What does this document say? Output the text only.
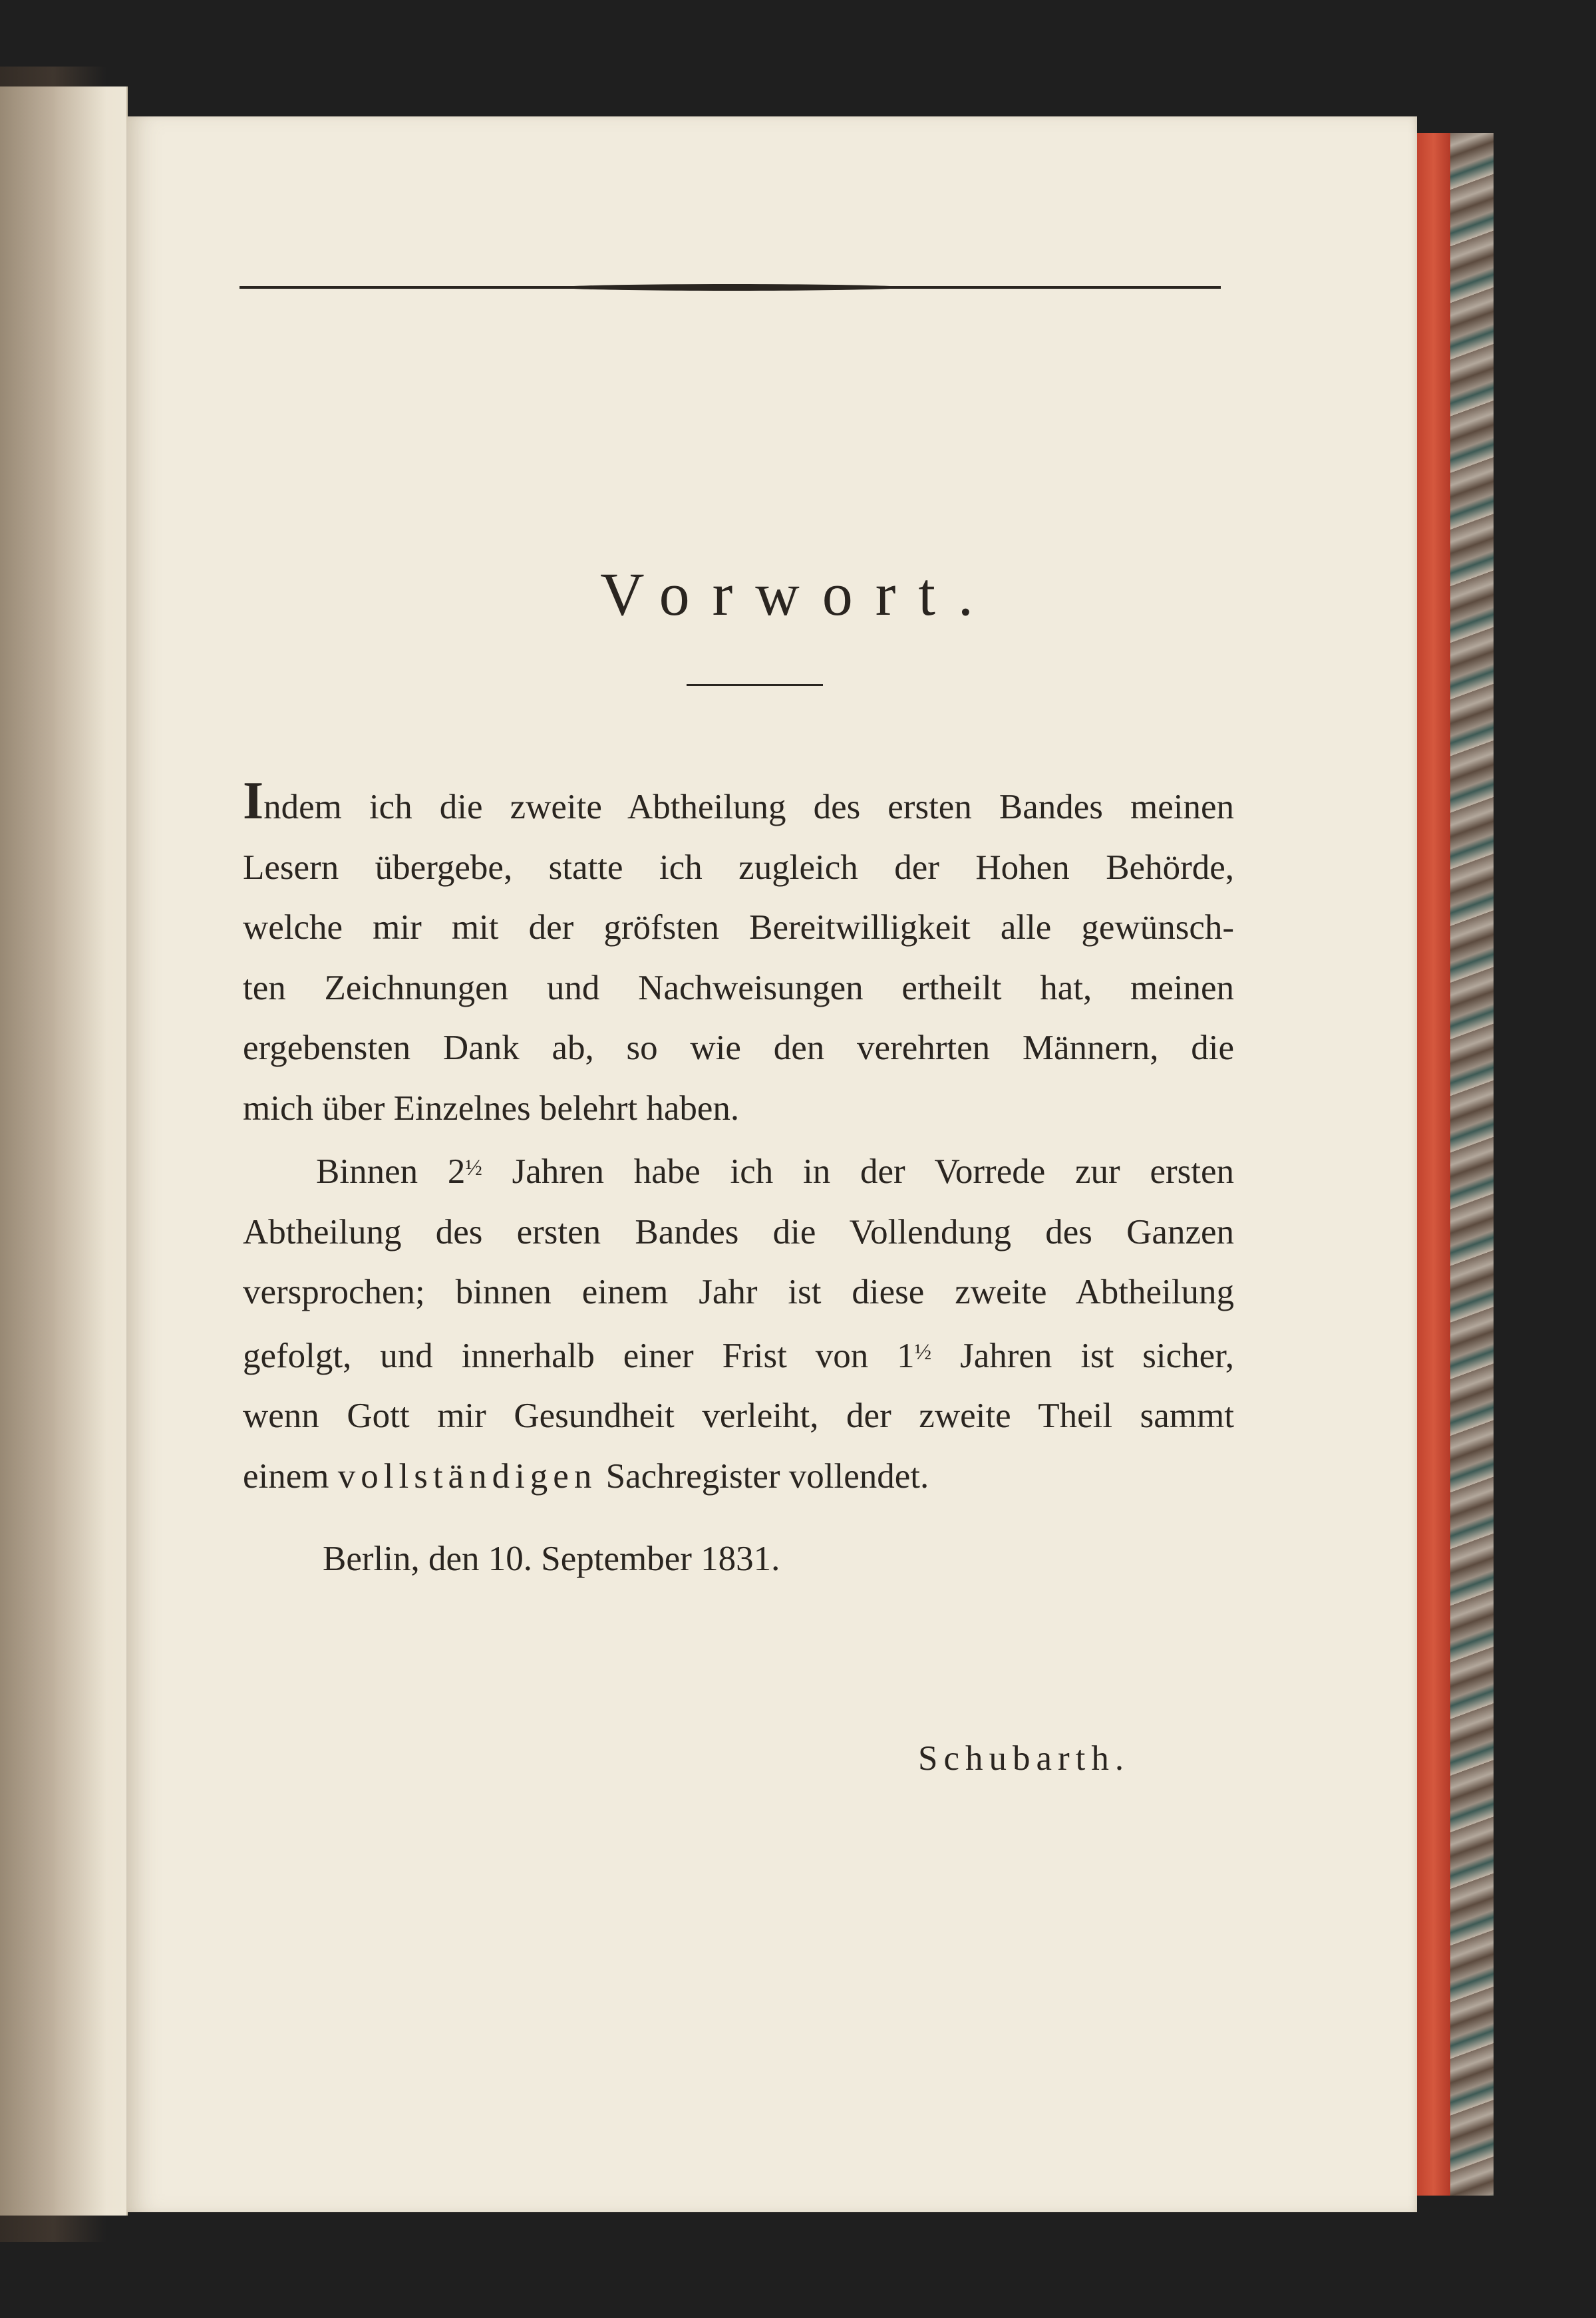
Vorwort.

Indem ich die zweite Abtheilung des ersten Bandes meinen
Lesern übergebe, statte ich zugleich der Hohen Behörde,
welche mir mit der gröfsten Bereitwilligkeit alle gewünsch-
ten Zeichnungen und Nachweisungen ertheilt hat, meinen
ergebensten Dank ab, so wie den verehrten Männern, die
mich über Einzelnes belehrt haben.

Binnen $2^{\frac{1}{2}}$ Jahren habe ich in der Vorrede zur ersten
Abtheilung des ersten Bandes die Vollendung des Ganzen
versprochen; binnen einem Jahr ist diese zweite Abtheilung
gefolgt, und innerhalb einer Frist von $1^{\frac{1}{2}}$ Jahren ist sicher,
wenn Gott mir Gesundheit verleiht, der zweite Theil sammt
einem vollständigen Sachregister vollendet.

Berlin, den 10. September 1831.
Schubarth.
